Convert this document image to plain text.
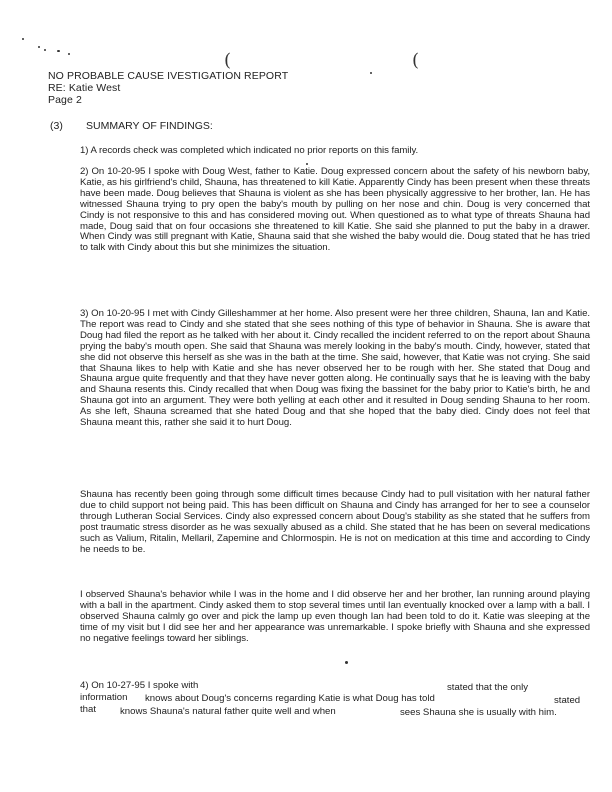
(	(
NO PROBABLE CAUSE IVESTIGATION REPORT
RE: Katie West
Page 2
(3) SUMMARY OF FINDINGS:

1) A records check was completed which indicated no prior reports on this family.

2) On 10-20-95 I spoke with Doug West, father to Katie. Doug expressed concern about the safety of his newborn baby, Katie, as his girlfriend's child, Shauna, has threatened to kill Katie. Apparently Cindy has been present when these threats have been made. Doug believes that Shauna is violent as she has been physically aggressive to her brother, Ian. He has witnessed Shauna trying to pry open the baby's mouth by pulling on her nose and chin. Doug is very concerned that Cindy is not responsive to this and has considered moving out. When questioned as to what type of threats Shauna had made, Doug said that on four occasions she threatened to kill Katie. She said she planned to put the baby in a drawer. When Cindy was still pregnant with Katie, Shauna said that she wished the baby would die. Doug stated that he has tried to talk with Cindy about this but she minimizes the situation.

3) On 10-20-95 I met with Cindy Gilleshammer at her home. Also present were her three children, Shauna, Ian and Katie. The report was read to Cindy and she stated that she sees nothing of this type of behavior in Shauna. She is aware that Doug had filed the report as he talked with her about it. Cindy recalled the incident referred to on the report about Shauna prying the baby's mouth open. She said that Shauna was merely looking in the baby's mouth. Cindy, however, stated that she did not observe this herself as she was in the bath at the time. She said, however, that Katie was not crying. She said that Shauna likes to help with Katie and she has never observed her to be rough with her. She stated that Doug and Shauna argue quite frequently and that they have never gotten along. He continually says that he is leaving with the baby and Shauna resents this. Cindy recalled that when Doug was fixing the bassinet for the baby prior to Katie's birth, he and Shauna got into an argument. They were both yelling at each other and it resulted in Doug sending Shauna to her room. As she left, Shauna screamed that she hated Doug and that she hoped that the baby died. Cindy does not feel that Shauna meant this, rather she said it to hurt Doug.

Shauna has recently been going through some difficult times because Cindy had to pull visitation with her natural father due to child support not being paid. This has been difficult on Shauna and Cindy has arranged for her to see a counselor through Lutheran Social Services. Cindy also expressed concern about Doug's stability as she stated that he suffers from post traumatic stress disorder as he was sexually abused as a child. She stated that he has been on several medications such as Valium, Ritalin, Mellaril, Zapemine and Chlormospin. He is not on medication at this time and according to Cindy he needs to be.

I observed Shauna's behavior while I was in the home and I did observe her and her brother, Ian running around playing with a ball in the apartment. Cindy asked them to stop several times until Ian eventually knocked over a lamp with a ball. I observed Shauna calmly go over and pick the lamp up even though Ian had been told to do it. Katie was sleeping at the time of my visit but I did see her and her appearance was unremarkable. I spoke briefly with Shauna and she expressed no negative feelings toward her siblings.

4) On 10-27-95 I spoke with	stated that the only
information knows about Doug's concerns regarding Katie is what Doug has told	stated
that knows Shauna's natural father quite well and when	sees Shauna she is usually with him.
